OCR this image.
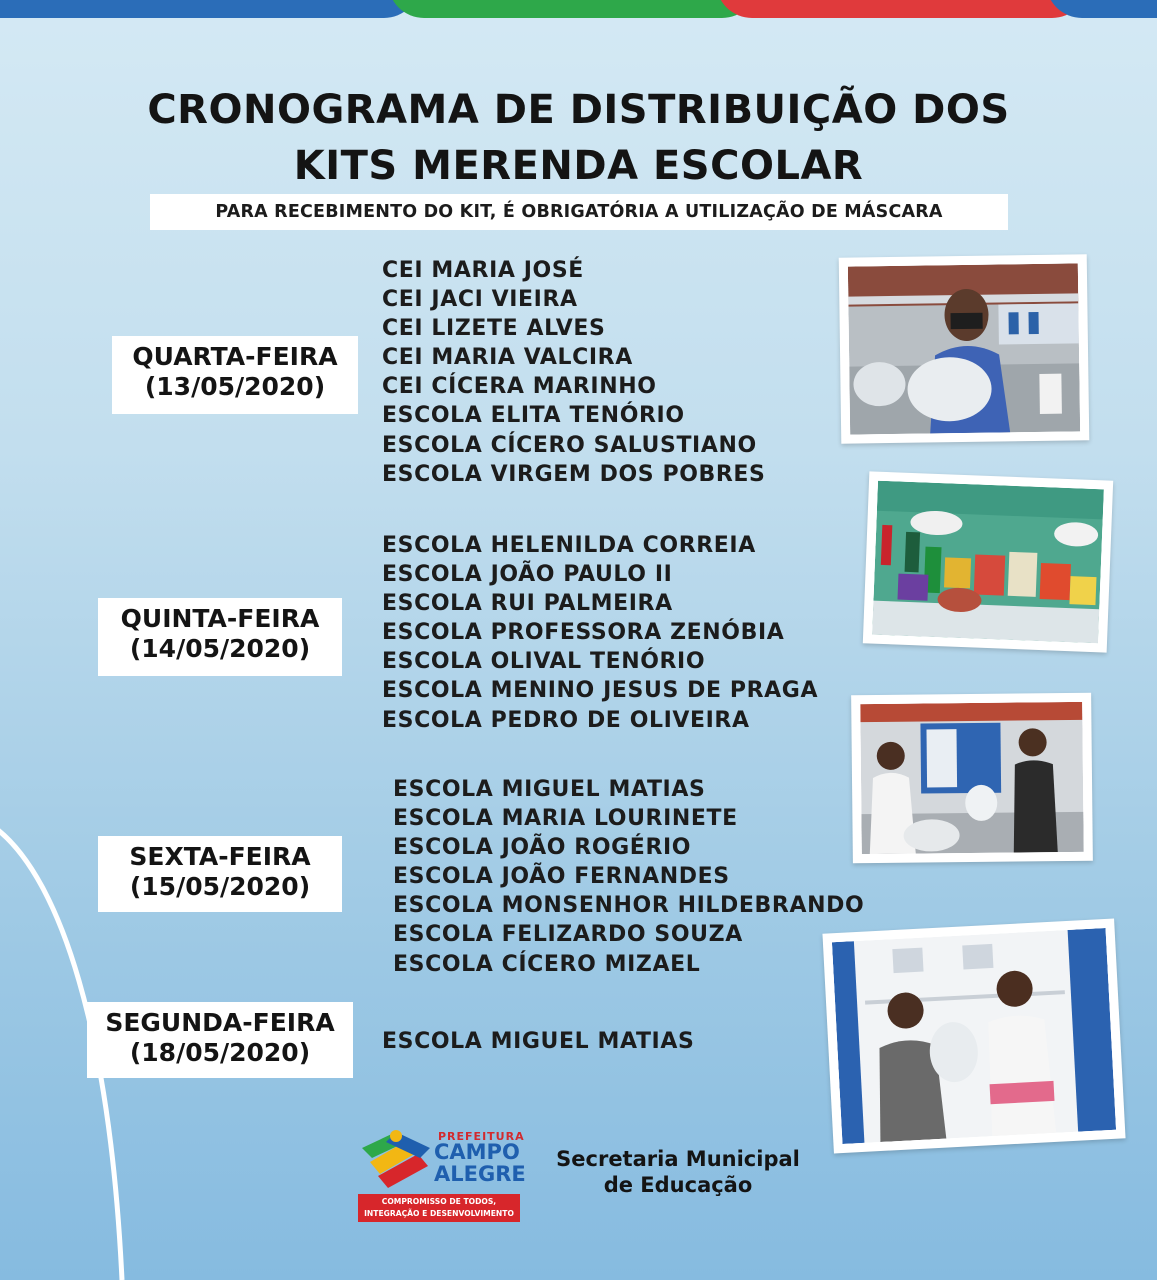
CRONOGRAMA DE DISTRIBUIÇÃO DOS
KITS MERENDA ESCOLAR
PARA RECEBIMENTO DO KIT, É OBRIGATÓRIA A UTILIZAÇÃO DE MÁSCARA
QUARTA-FEIRA
(13/05/2020)
CEI MARIA JOSÉ
CEI JACI VIEIRA
CEI LIZETE ALVES
CEI MARIA VALCIRA
CEI CÍCERA MARINHO
ESCOLA ELITA TENÓRIO
ESCOLA CÍCERO SALUSTIANO
ESCOLA VIRGEM DOS POBRES
QUINTA-FEIRA
(14/05/2020)
ESCOLA HELENILDA CORREIA
ESCOLA JOÃO PAULO II
ESCOLA RUI PALMEIRA
ESCOLA PROFESSORA ZENÓBIA
ESCOLA OLIVAL TENÓRIO
ESCOLA MENINO JESUS DE PRAGA
ESCOLA PEDRO DE OLIVEIRA
SEXTA-FEIRA
(15/05/2020)
ESCOLA MIGUEL MATIAS
ESCOLA MARIA LOURINETE
ESCOLA JOÃO ROGÉRIO
ESCOLA JOÃO FERNANDES
ESCOLA MONSENHOR HILDEBRANDO
ESCOLA FELIZARDO SOUZA
ESCOLA CÍCERO MIZAEL
SEGUNDA-FEIRA
(18/05/2020)	ESCOLA MIGUEL MATIAS
PREFEITURA
CAMPO
ALEGRE
COMPROMISSO DE TODOS,
INTEGRAÇÃO E DESENVOLVIMENTO
Secretaria Municipal
de Educação
